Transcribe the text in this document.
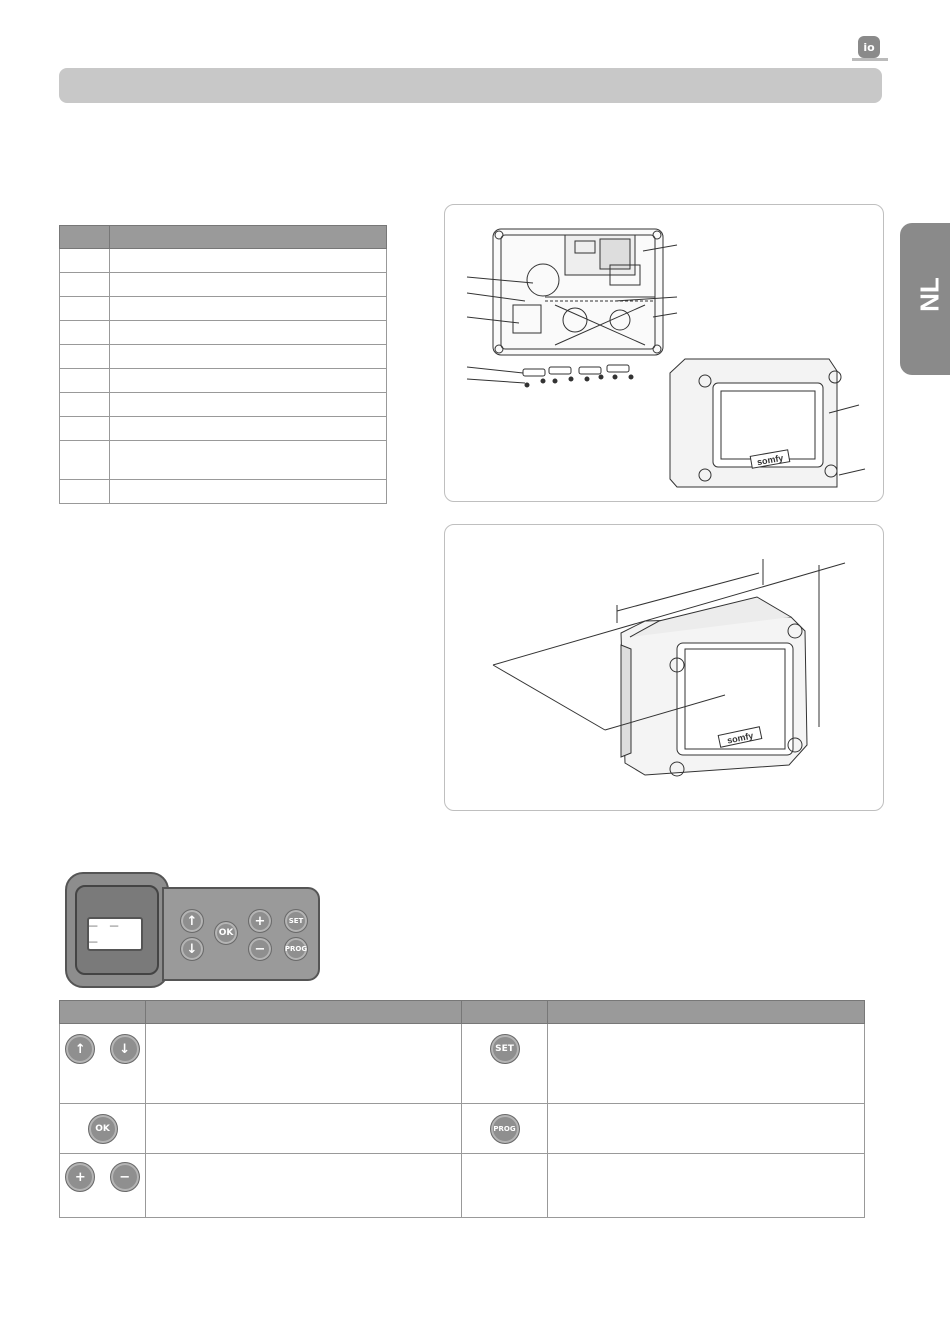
io
NL

somfy
somfy
– – –
↑
↓
OK
+
−
SET
PROG

↑ ↓		SET	
OK		PROG	
+ −			
